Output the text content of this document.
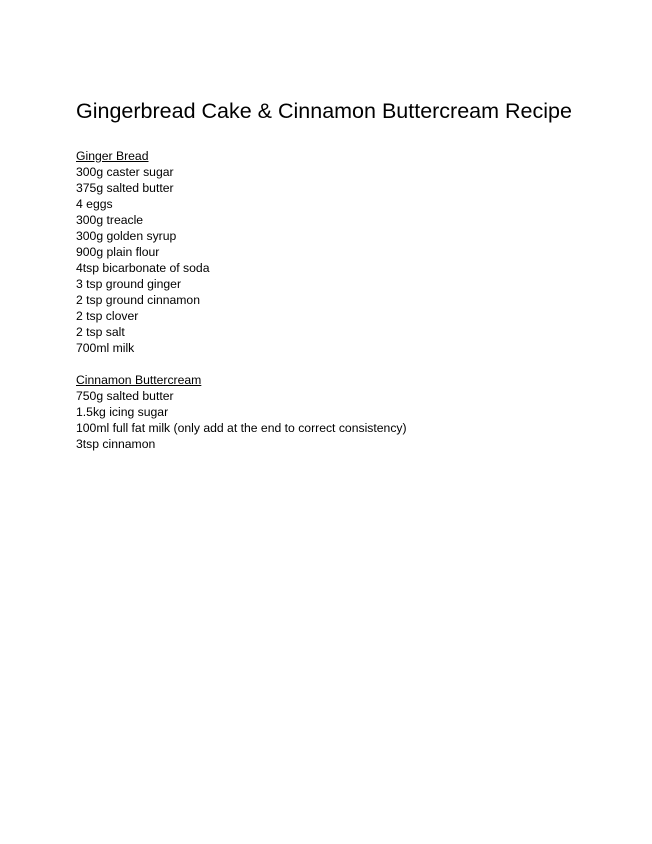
Gingerbread Cake & Cinnamon Buttercream Recipe

Ginger Bread

300g caster sugar
375g salted butter
4 eggs
300g treacle
300g golden syrup
900g plain flour
4tsp bicarbonate of soda
3 tsp ground ginger
2 tsp ground cinnamon
2 tsp clover
2 tsp salt
700ml milk

Cinnamon Buttercream

750g salted butter
1.5kg icing sugar
100ml full fat milk (only add at the end to correct consistency)
3tsp cinnamon
